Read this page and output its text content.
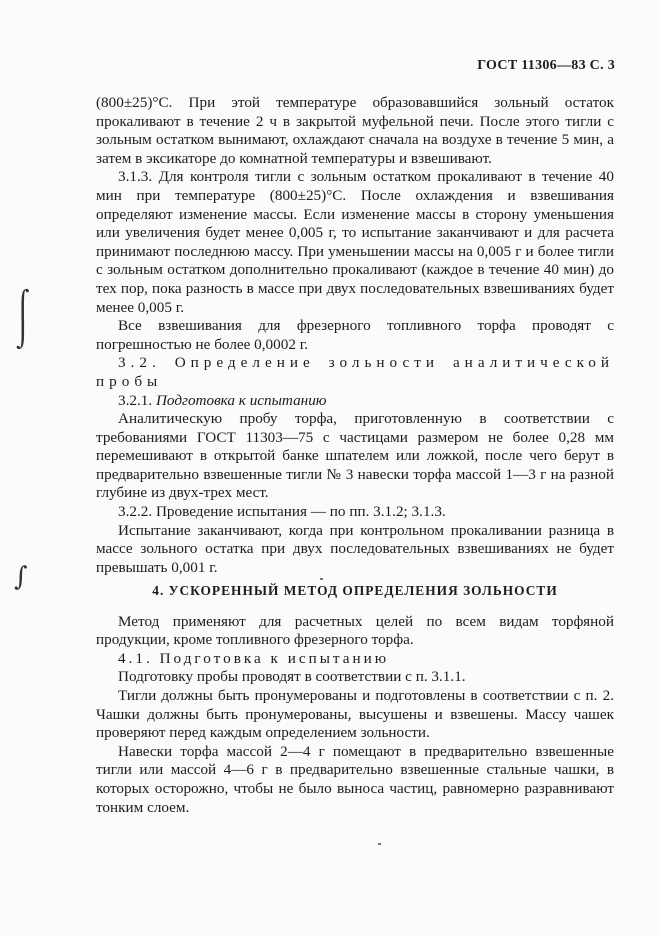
ГОСТ 11306—83 С. 3
⌠
⌡
∫

(800±25)°С. При этой температуре образовавшийся зольный остаток прокаливают в течение 2 ч в закрытой муфельной печи. После этого тигли с зольным остатком вынимают, охлаждают сначала на воздухе в течение 5 мин, а затем в эксикаторе до комнатной температуры и взвешивают.

3.1.3. Для контроля тигли с зольным остатком прокаливают в течение 40 мин при температуре (800±25)°С. После охлаждения и взвешивания определяют изменение массы. Если изменение массы в сторону уменьшения или увеличения будет менее 0,005 г, то испытание заканчивают и для расчета принимают последнюю массу. При уменьшении массы на 0,005 г и более тигли с зольным остатком дополнительно прокаливают (каждое в течение 40 мин) до тех пор, пока разность в массе при двух последовательных взвешиваниях будет менее 0,005 г.

Все взвешивания для фрезерного топливного торфа проводят с погрешностью не более 0,0002 г.

3.2. Определение зольности аналитической пробы

3.2.1. Подготовка к испытанию

Аналитическую пробу торфа, приготовленную в соответствии с требованиями ГОСТ 11303—75 с частицами размером не более 0,28 мм перемешивают в открытой банке шпателем или ложкой, после чего берут в предварительно взвешенные тигли № 3 навески торфа массой 1—3 г на разной глубине из двух-трех мест.

3.2.2. Проведение испытания — по пп. 3.1.2; 3.1.3.

Испытание заканчивают, когда при контрольном прокаливании разница в массе зольного остатка при двух последовательных взвешиваниях не будет превышать 0,001 г.

4. УСКОРЕННЫЙ МЕТОД ОПРЕДЕЛЕНИЯ ЗОЛЬНОСТИ

Метод применяют для расчетных целей по всем видам торфяной продукции, кроме топливного фрезерного торфа.

4.1. Подготовка к испытанию

Подготовку пробы проводят в соответствии с п. 3.1.1.

Тигли должны быть пронумерованы и подготовлены в соответствии с п. 2. Чашки должны быть пронумерованы, высушены и взвешены. Массу чашек проверяют перед каждым определением зольности.

Навески торфа массой 2—4 г помещают в предварительно взвешенные тигли или массой 4—6 г в предварительно взвешенные стальные чашки, в которых осторожно, чтобы не было выноса частиц, равномерно разравнивают тонким слоем.
